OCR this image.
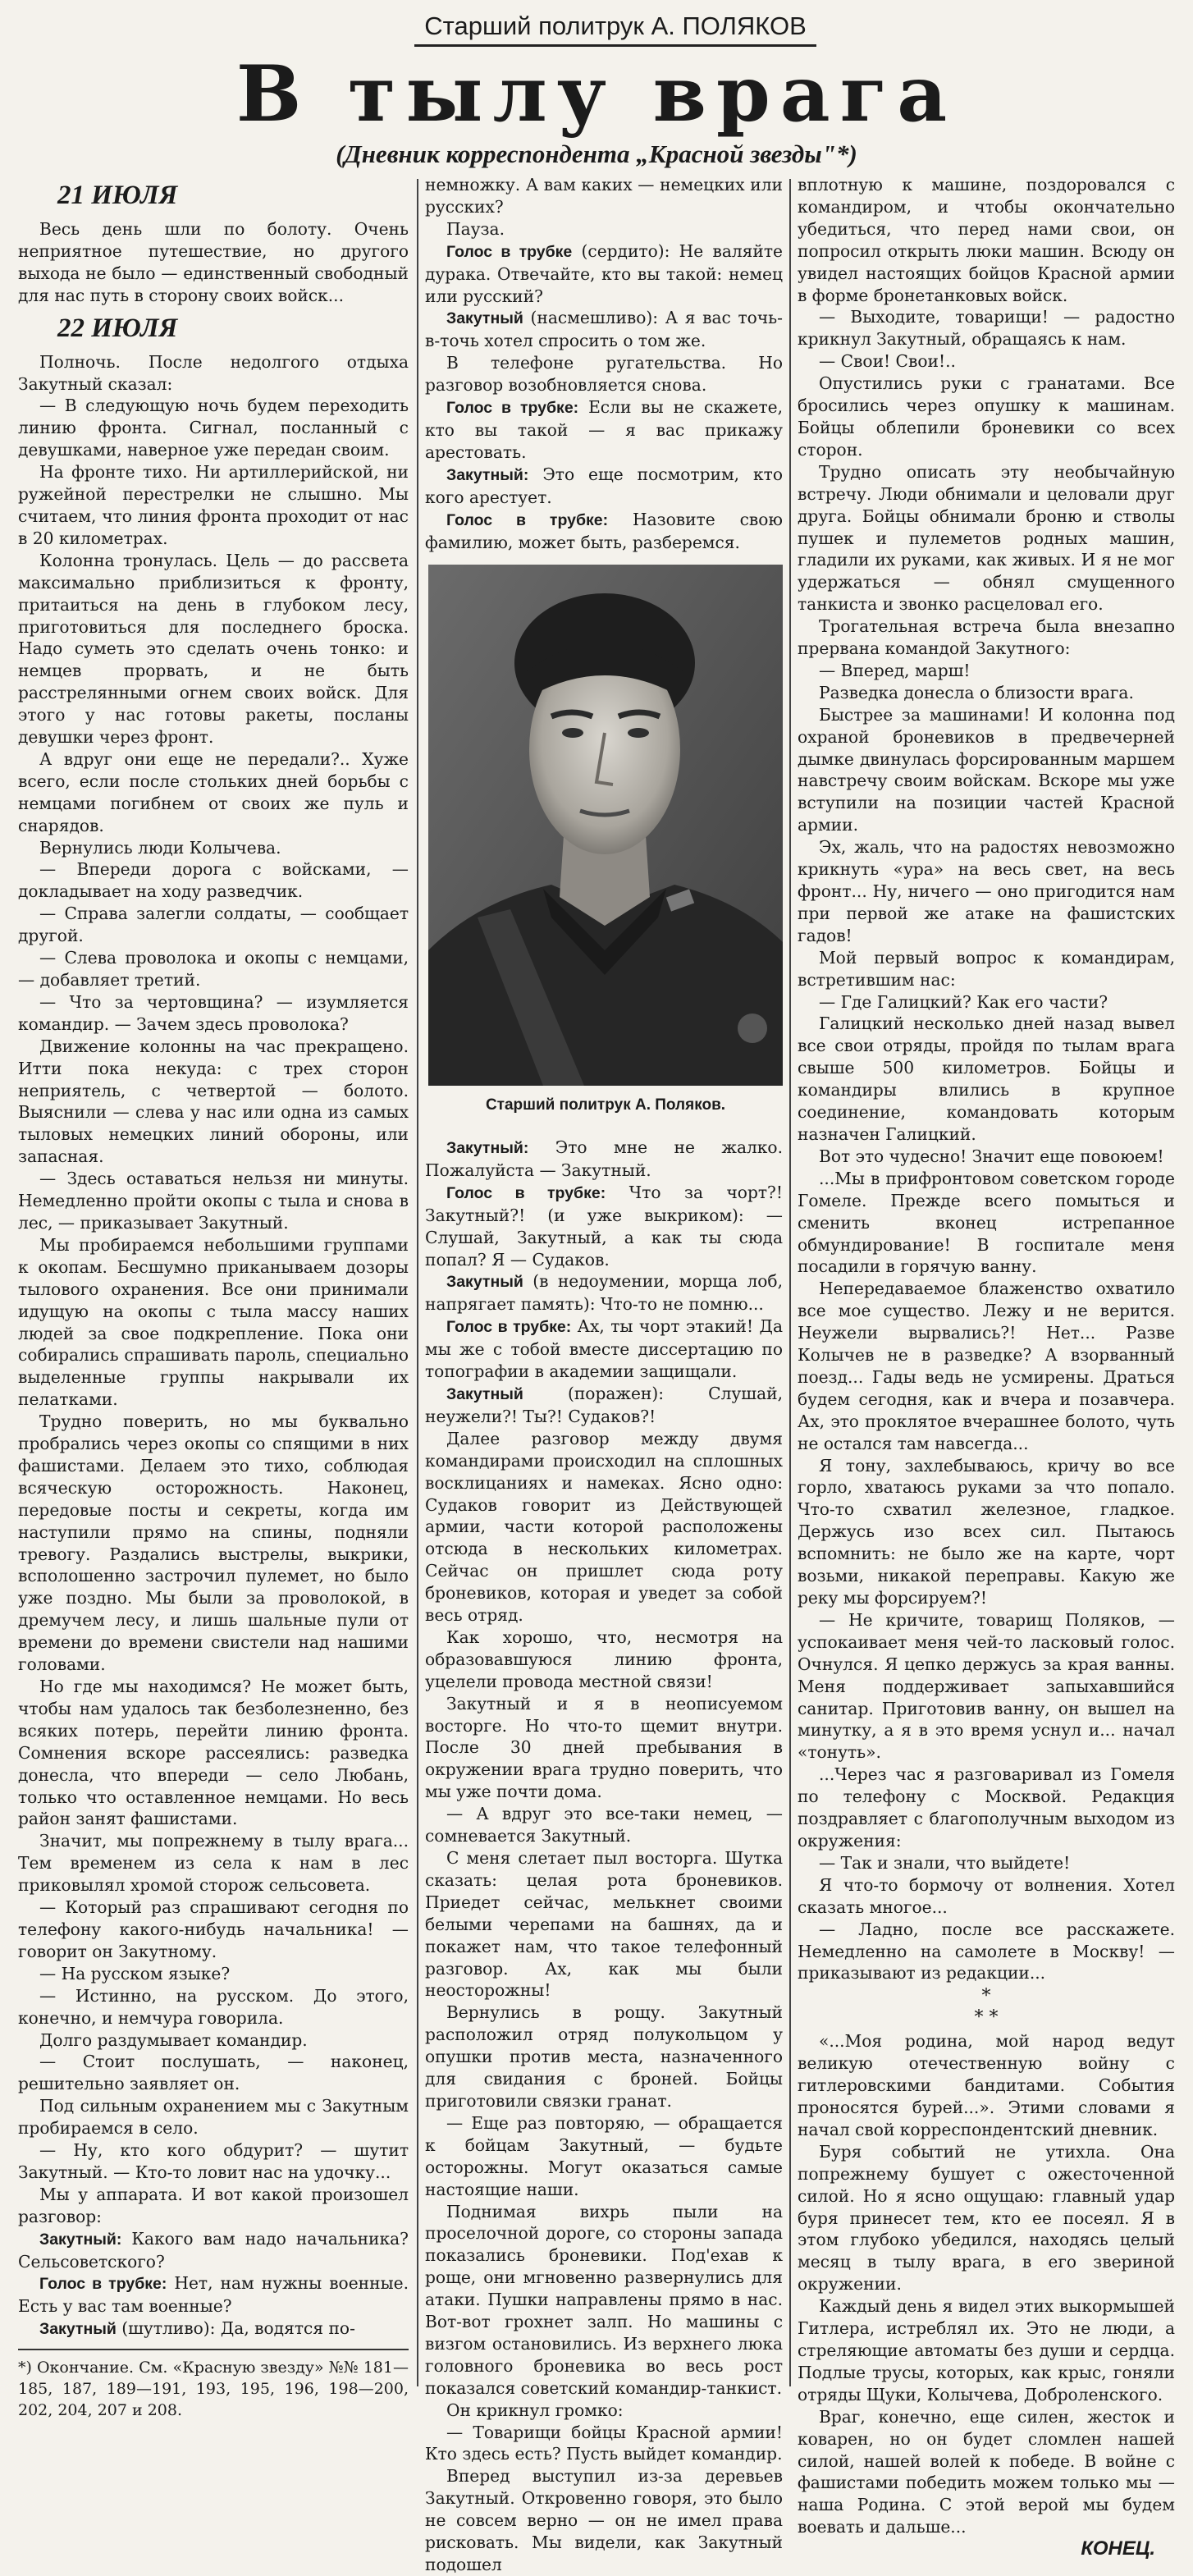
Старший политрук А. ПОЛЯКОВ
В тылу врага
(Дневник корреспондента „Красной звезды"*)

21 ИЮЛЯ

Весь день шли по болоту. Очень неприятное путешествие, но другого выхода не было — единственный свободный для нас путь в сторону своих войск...

22 ИЮЛЯ

Полночь. После недолгого отдыха Закутный сказал:

— В следующую ночь будем переходить линию фронта. Сигнал, посланный с девушками, наверное уже передан своим.

На фронте тихо. Ни артиллерийской, ни ружейной перестрелки не слышно. Мы считаем, что линия фронта проходит от нас в 20 километрах.

Колонна тронулась. Цель — до рассвета максимально приблизиться к фронту, притаиться на день в глубоком лесу, приготовиться для последнего броска. Надо суметь это сделать очень тонко: и немцев прорвать, и не быть расстрелянными огнем своих войск. Для этого у нас готовы ракеты, посланы девушки через фронт.

А вдруг они еще не передали?.. Хуже всего, если после стольких дней борьбы с немцами погибнем от своих же пуль и снарядов.

Вернулись люди Колычева.

— Впереди дорога с войсками, — докладывает на ходу разведчик.

— Справа залегли солдаты, — сообщает другой.

— Слева проволока и окопы с немцами, — добавляет третий.

— Что за чертовщина? — изумляется командир. — Зачем здесь проволока?

Движение колонны на час прекращено. Итти пока некуда: с трех сторон неприятель, с четвертой — болото. Выяснили — слева у нас или одна из самых тыловых немецких линий обороны, или запасная.

— Здесь оставаться нельзя ни минуты. Немедленно пройти окопы с тыла и снова в лес, — приказывает Закутный.

Мы пробираемся небольшими группами к окопам. Бесшумно приканываем дозоры тылового охранения. Все они принимали идущую на окопы с тыла массу наших людей за свое подкрепление. Пока они собирались спрашивать пароль, специально выделенные группы накрывали их пелатками.

Трудно поверить, но мы буквально пробрались через окопы со спящими в них фашистами. Делаем это тихо, соблюдая всяческую осторожность. Наконец, передовые посты и секреты, когда им наступили прямо на спины, подняли тревогу. Раздались выстрелы, выкрики, всполошенно застрочил пулемет, но было уже поздно. Мы были за проволокой, в дремучем лесу, и лишь шальные пули от времени до времени свистели над нашими головами.

Но где мы находимся? Не может быть, чтобы нам удалось так безболезненно, без всяких потерь, перейти линию фронта. Сомнения вскоре рассеялись: разведка донесла, что впереди — село Любань, только что оставленное немцами. Но весь район занят фашистами.

Значит, мы попрежнему в тылу врага... Тем временем из села к нам в лес приковылял хромой сторож сельсовета.

— Который раз спрашивают сегодня по телефону какого-нибудь начальника! — говорит он Закутному.

— На русском языке?

— Истинно, на русском. До этого, конечно, и немчура говорила.

Долго раздумывает командир.

— Стоит послушать, — наконец, решительно заявляет он.

Под сильным охранением мы с Закутным пробираемся в село.

— Ну, кто кого обдурит? — шутит Закутный. — Кто-то ловит нас на удочку...

Мы у аппарата. И вот какой произошел разговор:

Закутный: Какого вам надо начальника? Сельсоветского?

Голос в трубке: Нет, нам нужны военные. Есть у вас там военные?

Закутный (шутливо): Да, водятся по-

*) Окончание. См. «Красную звезду» №№ 181—185, 187, 189—191, 193, 195, 196, 198—200, 202, 204, 207 и 208.

немножку. А вам каких — немецких или русских?

Пауза.

Голос в трубке (сердито): Не валяйте дурака. Отвечайте, кто вы такой: немец или русский?

Закутный (насмешливо): А я вас точь-в-точь хотел спросить о том же.

В телефоне ругательства. Но разговор возобновляется снова.

Голос в трубке: Если вы не скажете, кто вы такой — я вас прикажу арестовать.

Закутный: Это еще посмотрим, кто кого арестует.

Голос в трубке: Назовите свою фамилию, может быть, разберемся.

Старший политрук А. Поляков.

Закутный: Это мне не жалко. Пожалуйста — Закутный.

Голос в трубке: Что за чорт?! Закутный?! (и уже выкриком): — Слушай, Закутный, а как ты сюда попал? Я — Судаков.

Закутный (в недоумении, морща лоб, напрягает память): Что-то не помню...

Голос в трубке: Ах, ты чорт этакий! Да мы же с тобой вместе диссертацию по топографии в академии защищали.

Закутный (поражен): Слушай, неужели?! Ты?! Судаков?!

Далее разговор между двумя командирами происходил на сплошных восклицаниях и намеках. Ясно одно: Судаков говорит из Действующей армии, части которой расположены отсюда в нескольких километрах. Сейчас он пришлет сюда роту броневиков, которая и уведет за собой весь отряд.

Как хорошо, что, несмотря на образовавшуюся линию фронта, уцелели провода местной связи!

Закутный и я в неописуемом восторге. Но что-то щемит внутри. После 30 дней пребывания в окружении врага трудно поверить, что мы уже почти дома.

— А вдруг это все-таки немец, — сомневается Закутный.

С меня слетает пыл восторга. Шутка сказать: целая рота броневиков. Приедет сейчас, мелькнет своими белыми черепами на башнях, да и покажет нам, что такое телефонный разговор. Ах, как мы были неосторожны!

Вернулись в рощу. Закутный расположил отряд полукольцом у опушки против места, назначенного для свидания с броней. Бойцы приготовили связки гранат.

— Еще раз повторяю, — обращается к бойцам Закутный, — будьте осторожны. Могут оказаться самые настоящие наши.

Поднимая вихрь пыли на проселочной дороге, со стороны запада показались броневики. Под'ехав к роще, они мгновенно развернулись для атаки. Пушки направлены прямо в нас. Вот-вот грохнет залп. Но машины с визгом остановились. Из верхнего люка головного броневика во весь рост показался советский командир-танкист.

Он крикнул громко:

— Товарищи бойцы Красной армии! Кто здесь есть? Пусть выйдет командир.

Вперед выступил из-за деревьев Закутный. Откровенно говоря, это было не совсем верно — он не имел права рисковать. Мы видели, как Закутный подошел

вплотную к машине, поздоровался с командиром, и чтобы окончательно убедиться, что перед нами свои, он попросил открыть люки машин. Всюду он увидел настоящих бойцов Красной армии в форме бронетанковых войск.

— Выходите, товарищи! — радостно крикнул Закутный, обращаясь к нам.

— Свои! Свои!..

Опустились руки с гранатами. Все бросились через опушку к машинам. Бойцы облепили броневики со всех сторон.

Трудно описать эту необычайную встречу. Люди обнимали и целовали друг друга. Бойцы обнимали броню и стволы пушек и пулеметов родных машин, гладили их руками, как живых. И я не мог удержаться — обнял смущенного танкиста и звонко расцеловал его.

Трогательная встреча была внезапно прервана командой Закутного:

— Вперед, марш!

Разведка донесла о близости врага.

Быстрее за машинами! И колонна под охраной броневиков в предвечерней дымке двинулась форсированным маршем навстречу своим войскам. Вскоре мы уже вступили на позиции частей Красной армии.

Эх, жаль, что на радостях невозможно крикнуть «ура» на весь свет, на весь фронт... Ну, ничего — оно пригодится нам при первой же атаке на фашистских гадов!

Мой первый вопрос к командирам, встретившим нас:

— Где Галицкий? Как его части?

Галицкий несколько дней назад вывел все свои отряды, пройдя по тылам врага свыше 500 километров. Бойцы и командиры влились в крупное соединение, командовать которым назначен Галицкий.

Вот это чудесно! Значит еще повоюем!

...Мы в прифронтовом советском городе Гомеле. Прежде всего помыться и сменить вконец истрепанное обмундирование! В госпитале меня посадили в горячую ванну.

Непередаваемое блаженство охватило все мое существо. Лежу и не верится. Неужели вырвались?! Нет... Разве Колычев не в разведке? А взорванный поезд... Гады ведь не усмирены. Драться будем сегодня, как и вчера и позавчера. Ах, это проклятое вчерашнее болото, чуть не остался там навсегда...

Я тону, захлебываюсь, кричу во все горло, хватаюсь руками за что попало. Что-то схватил железное, гладкое. Держусь изо всех сил. Пытаюсь вспомнить: не было же на карте, чорт возьми, никакой переправы. Какую же реку мы форсируем?!

— Не кричите, товарищ Поляков, — успокаивает меня чей-то ласковый голос. Очнулся. Я цепко держусь за края ванны. Меня поддерживает запыхавшийся санитар. Приготовив ванну, он вышел на минутку, а я в это время уснул и... начал «тонуть».

...Через час я разговаривал из Гомеля по телефону с Москвой. Редакция поздравляет с благополучным выходом из окружения:

— Так и знали, что выйдете!

Я что-то бормочу от волнения. Хотел сказать многое...

— Ладно, после все расскажете. Немедленно на самолете в Москву! — приказывают из редакции...

*
* *

«...Моя родина, мой народ ведут великую отечественную войну с гитлеровскими бандитами. События проносятся бурей...». Этими словами я начал свой корреспондентский дневник.

Буря событий не утихла. Она попрежнему бушует с ожесточенной силой. Но я ясно ощущаю: главный удар буря принесет тем, кто ее посеял. Я в этом глубоко убедился, находясь целый месяц в тылу врага, в его звериной окружении.

Каждый день я видел этих выкормышей Гитлера, истреблял их. Это не люди, а стреляющие автоматы без души и сердца. Подлые трусы, которых, как крыс, гоняли отряды Щуки, Колычева, Доброленского.

Враг, конечно, еще силен, жесток и коварен, но он будет сломлен нашей силой, нашей волей к победе. В войне с фашистами победить можем только мы — наша Родина. С этой верой мы будем воевать и дальше...

КОНЕЦ.
